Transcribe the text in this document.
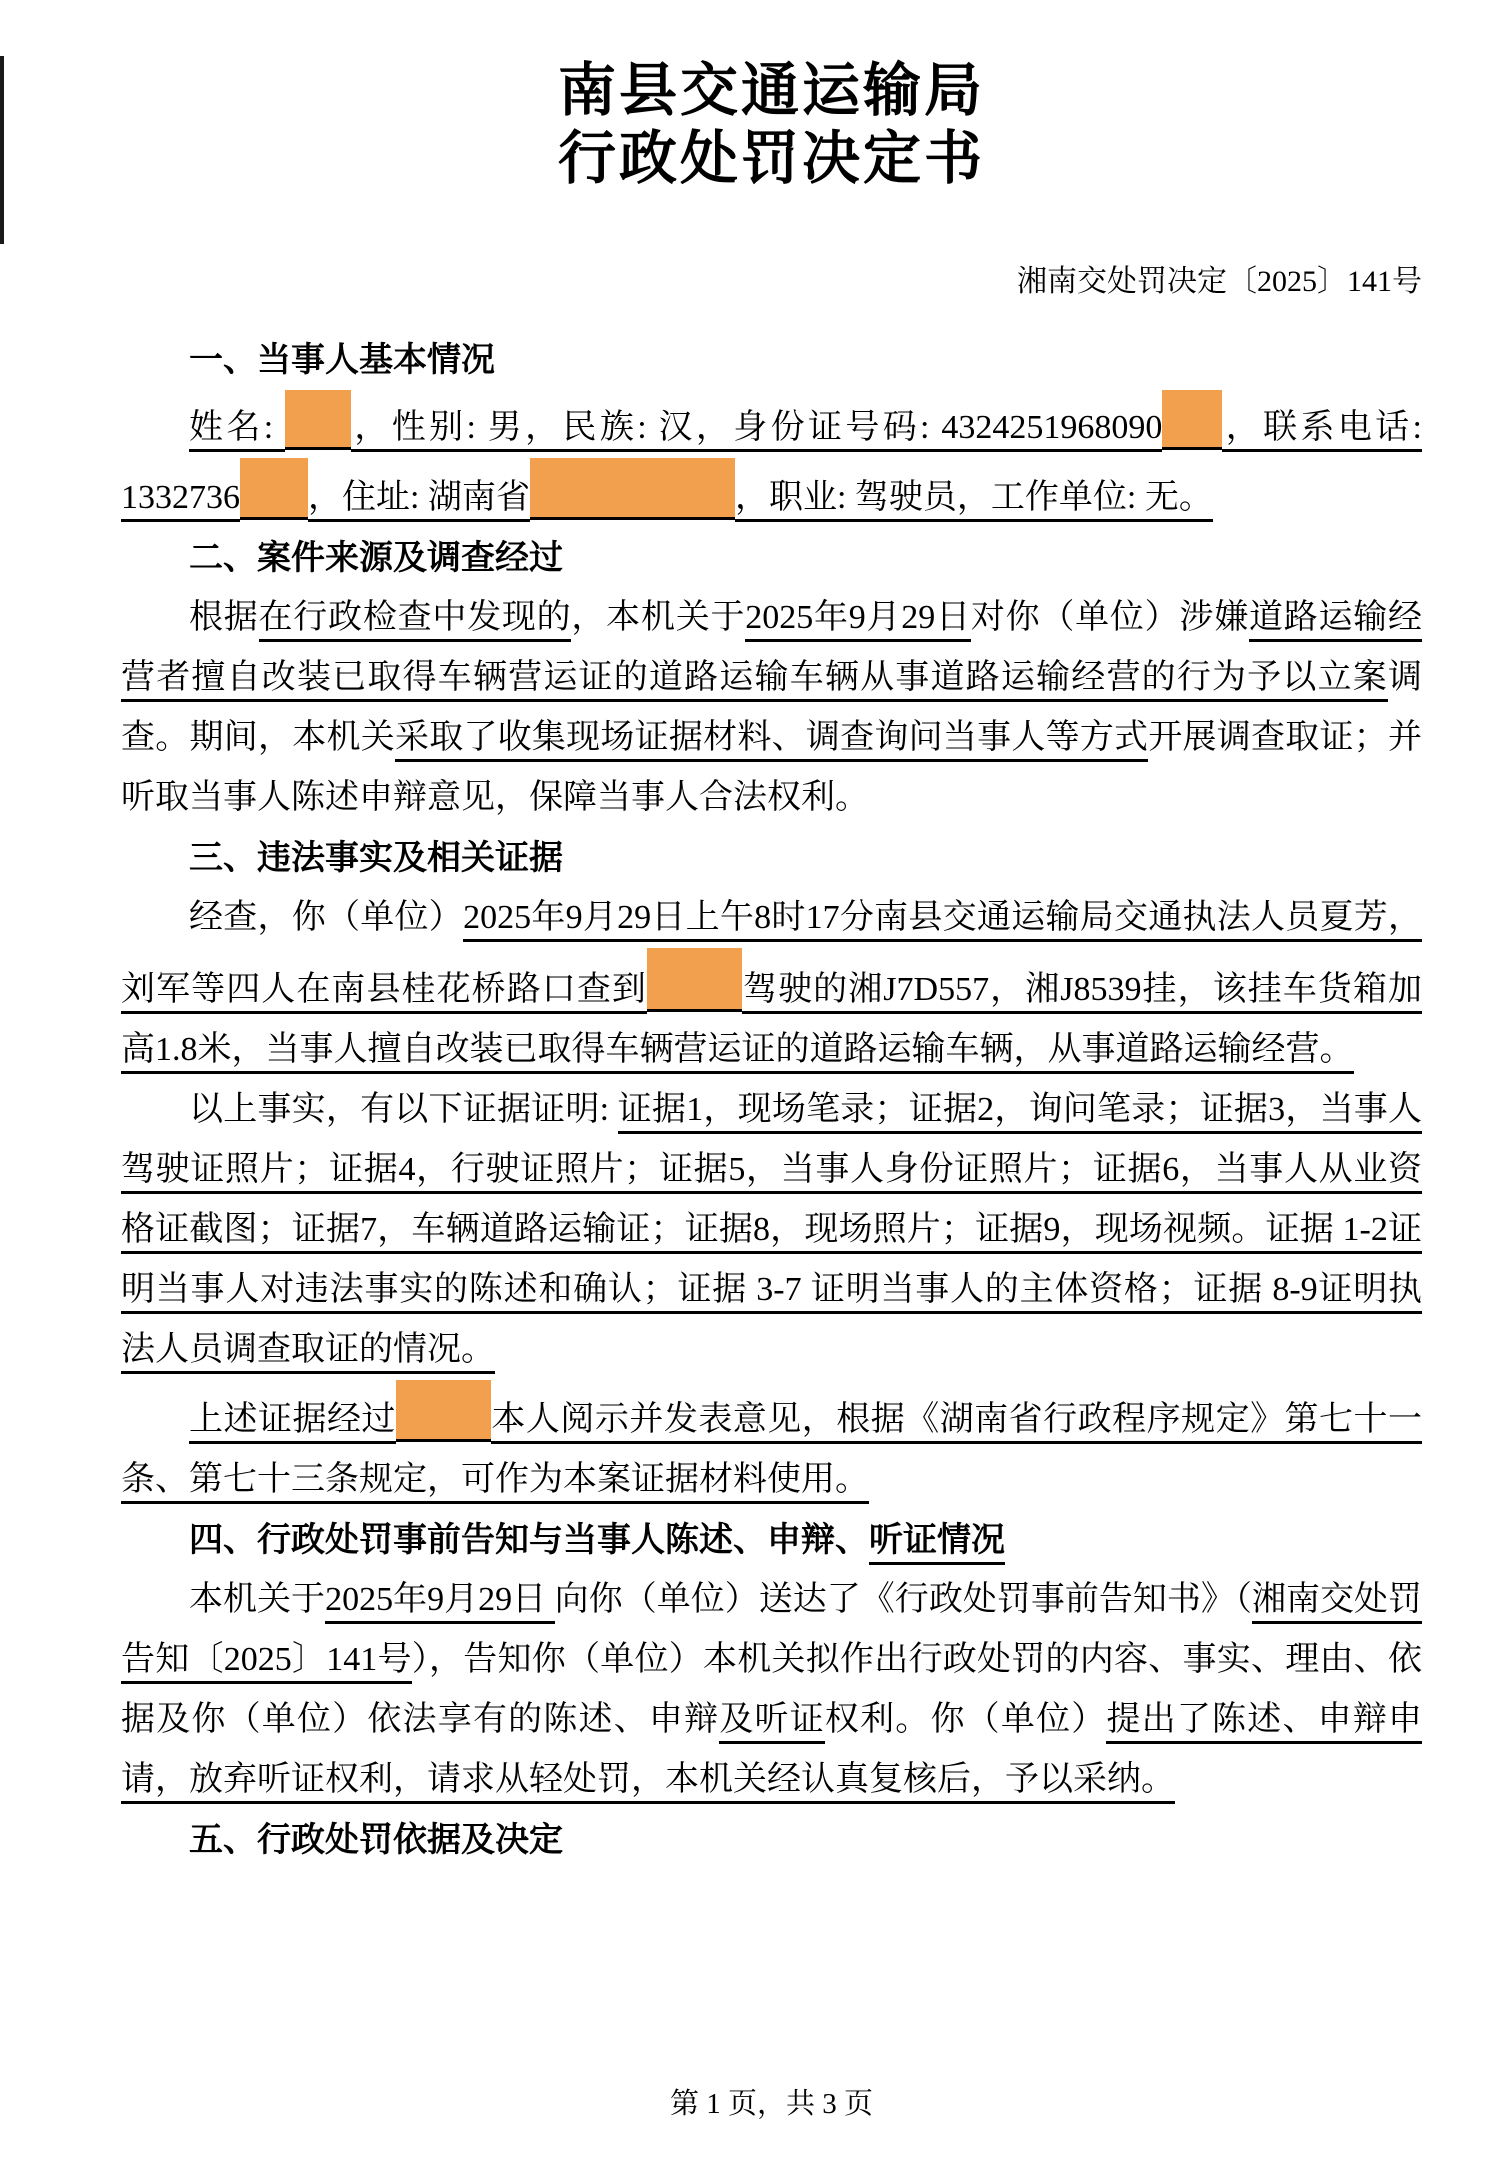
南县交通运输局
行政处罚决定书
湘南交处罚决定〔2025〕141号

一、当事人基本情况

姓名: ，性别: 男，民族: 汉，身份证号码: 4324251968090 ，联系电话: 1332736 ，住址: 湖南省	，职业: 驾驶员，工作单位: 无。

二、案件来源及调查经过

根据在行政检查中发现的，本机关于2025年9月29日对你（单位）涉嫌道路运输经营者擅自改装已取得车辆营运证的道路运输车辆从事道路运输经营的行为予以立案调查。期间，本机关采取了收集现场证据材料、调查询问当事人等方式开展调查取证；并听取当事人陈述申辩意见，保障当事人合法权利。

三、违法事实及相关证据

经查，你（单位）2025年9月29日上午8时17分南县交通运输局交通执法人员夏芳，刘军等四人在南县桂花桥路口查到	驾驶的湘J7D557，湘J8539挂，该挂车货箱加高1.8米，当事人擅自改装已取得车辆营运证的道路运输车辆，从事道路运输经营。

以上事实，有以下证据证明: 证据1，现场笔录；证据2，询问笔录；证据3，当事人驾驶证照片；证据4，行驶证照片；证据5，当事人身份证照片；证据6，当事人从业资格证截图；证据7，车辆道路运输证；证据8，现场照片；证据9，现场视频。证据 1-2证明当事人对违法事实的陈述和确认；证据 3-7 证明当事人的主体资格；证据 8-9证明执法人员调查取证的情况。

上述证据经过	本人阅示并发表意见，根据《湖南省行政程序规定》第七十一条、第七十三条规定，可作为本案证据材料使用。

四、行政处罚事前告知与当事人陈述、申辩、听证情况

本机关于2025年9月29日 向你（单位）送达了《行政处罚事前告知书》（湘南交处罚告知〔2025〕141号），告知你（单位）本机关拟作出行政处罚的内容、事实、理由、依据及你（单位）依法享有的陈述、申辩及听证权利。你（单位）提出了陈述、申辩申请，放弃听证权利，请求从轻处罚，本机关经认真复核后，予以采纳。

五、行政处罚依据及决定

第 1 页，共 3 页
